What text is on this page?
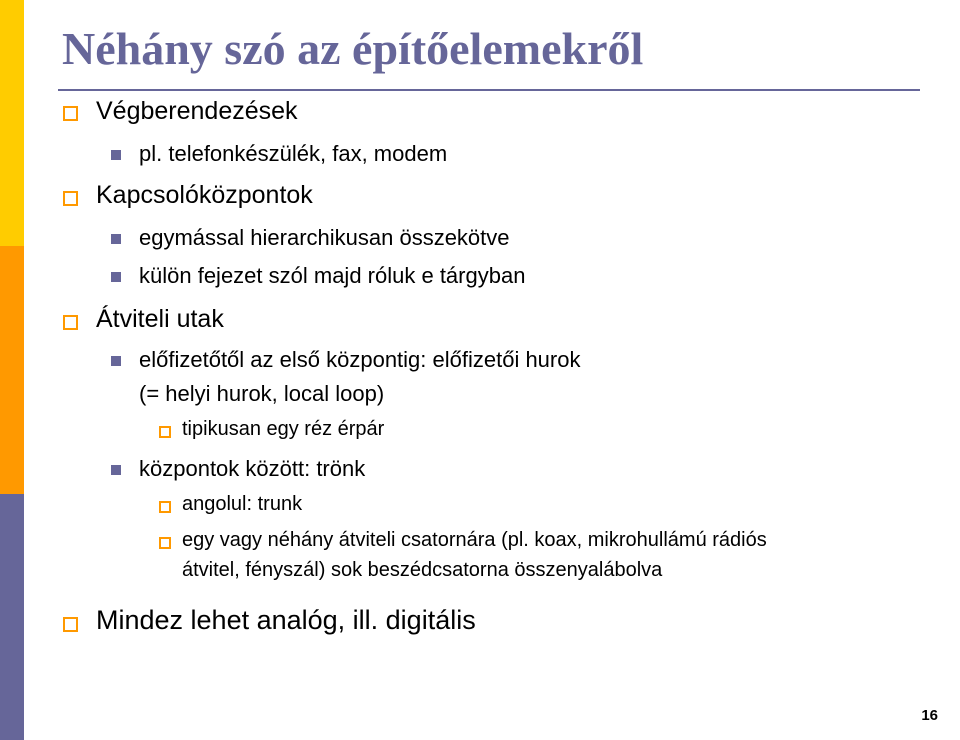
Néhány szó az építőelemekről
Végberendezések
pl. telefonkészülék, fax, modem
Kapcsolóközpontok
egymással hierarchikusan összekötve
külön fejezet szól majd róluk e tárgyban
Átviteli utak
előfizetőtől az első központig: előfizetői hurok
(= helyi hurok, local loop)
tipikusan egy réz érpár
központok között: trönk
angolul: trunk
egy vagy néhány átviteli csatornára (pl. koax, mikrohullámú rádiós
átvitel, fényszál) sok beszédcsatorna összenyalábolva
Mindez lehet analóg, ill. digitális
16
